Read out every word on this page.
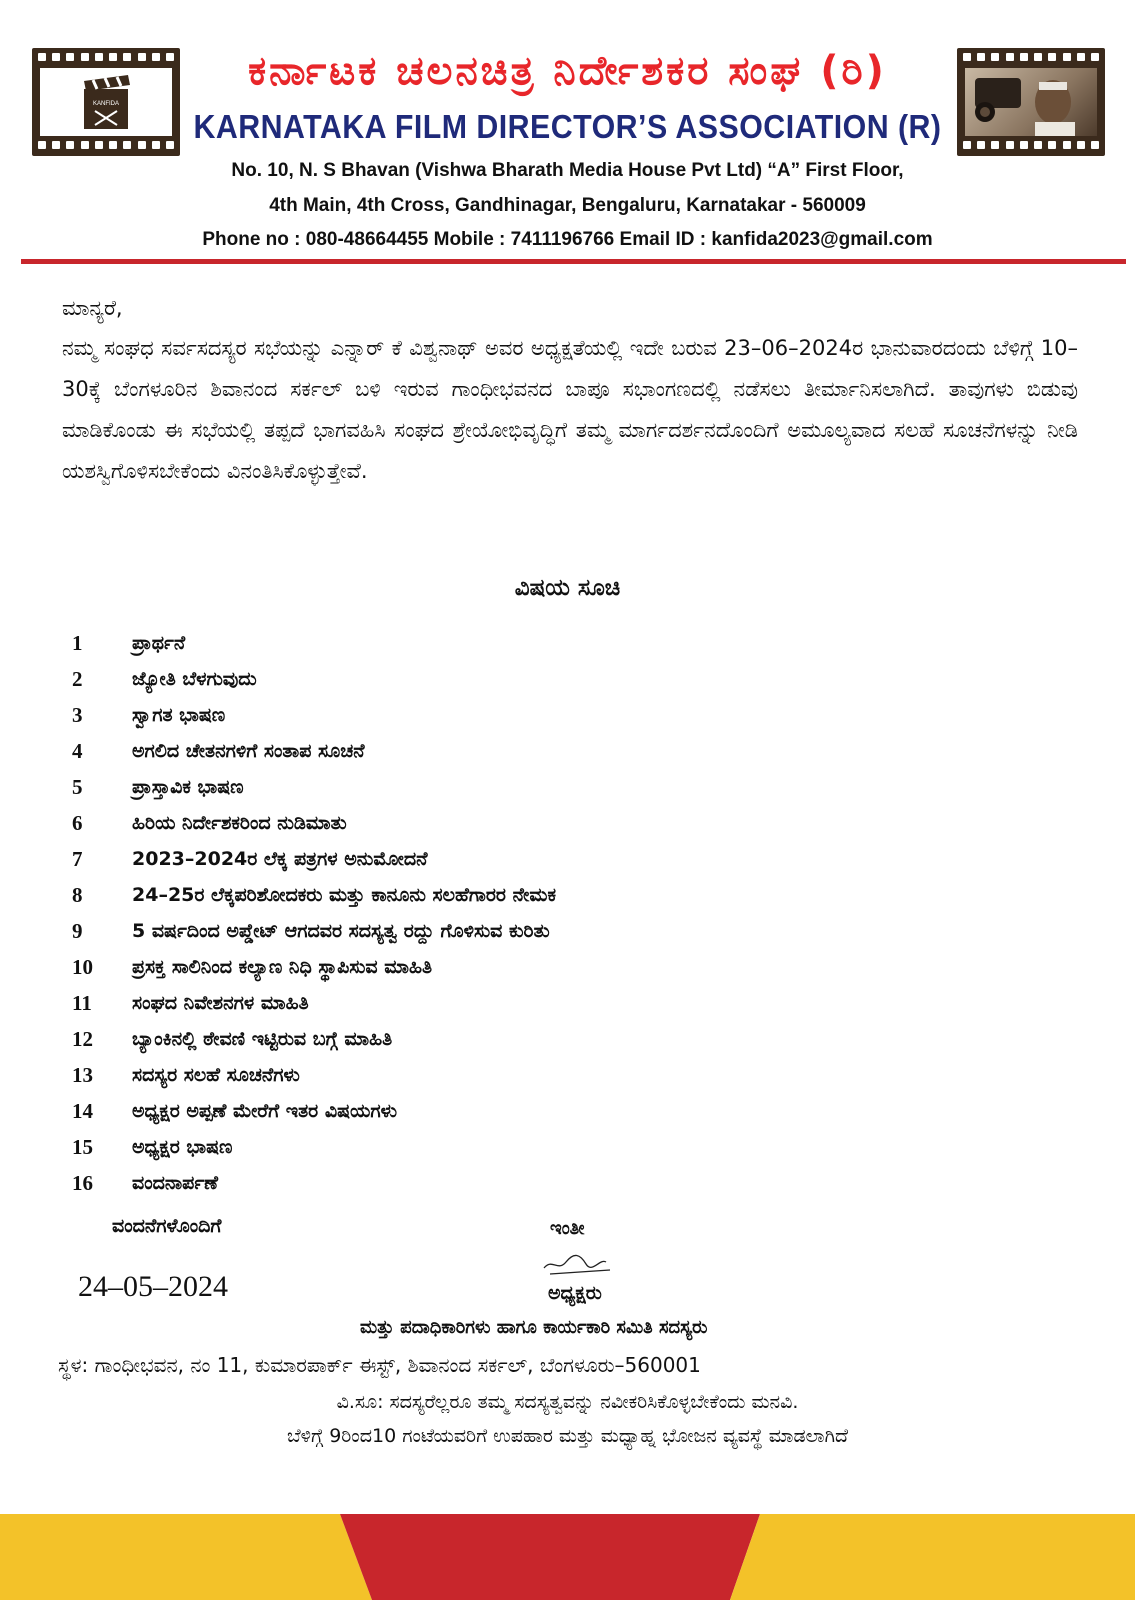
KANFIDA
ಕರ್ನಾಟಕ ಚಲನಚಿತ್ರ ನಿರ್ದೇಶಕರ ಸಂಘ (ರಿ)
KARNATAKA FILM DIRECTOR’S ASSOCIATION (R)
No. 10, N. S Bhavan (Vishwa Bharath Media House Pvt Ltd) “A” First Floor,
4th Main, 4th Cross, Gandhinagar, Bengaluru, Karnatakar - 560009
Phone no : 080-48664455 Mobile : 7411196766 Email ID : kanfida2023@gmail.com
ಮಾನ್ಯರೆ,

ನಮ್ಮ ಸಂಘಧ ಸರ್ವಸದಸ್ಯರ ಸಭೆಯನ್ನು ಎನ್ನಾರ್ ಕೆ ವಿಶ್ವನಾಥ್ ಅವರ ಅಧ್ಯಕ್ಷತೆಯಲ್ಲಿ ಇದೇ ಬರುವ 23–06–2024ರ ಭಾನುವಾರದಂದು ಬೆಳಿಗ್ಗೆ 10–30ಕ್ಕೆ ಬೆಂಗಳೂರಿನ ಶಿವಾನಂದ ಸರ್ಕಲ್ ಬಳಿ ಇರುವ ಗಾಂಧೀಭವನದ ಬಾಪೂ ಸಭಾಂಗಣದಲ್ಲಿ ನಡೆಸಲು ತೀರ್ಮಾನಿಸಲಾಗಿದೆ. ತಾವುಗಳು ಬಿಡುವು ಮಾಡಿಕೊಂಡು ಈ ಸಭೆಯಲ್ಲಿ ತಪ್ಪದೆ ಭಾಗವಹಿಸಿ ಸಂಘದ ಶ್ರೇಯೋಭಿವೃದ್ಧಿಗೆ ತಮ್ಮ ಮಾರ್ಗದರ್ಶನದೊಂದಿಗೆ ಅಮೂಲ್ಯವಾದ ಸಲಹೆ ಸೂಚನೆಗಳನ್ನು ನೀಡಿ ಯಶಸ್ವಿಗೊಳಿಸಬೇಕೆಂದು ವಿನಂತಿಸಿಕೊಳ್ಳುತ್ತೇವೆ.

ವಿಷಯ ಸೂಚಿ
1	ಪ್ರಾರ್ಥನೆ
2	ಜ್ಯೋತಿ ಬೆಳಗುವುದು
3	ಸ್ವಾಗತ ಭಾಷಣ
4	ಅಗಲಿದ ಚೇತನಗಳಿಗೆ ಸಂತಾಪ ಸೂಚನೆ
5	ಪ್ರಾಸ್ತಾವಿಕ ಭಾಷಣ
6	ಹಿರಿಯ ನಿರ್ದೇಶಕರಿಂದ ನುಡಿಮಾತು
7	2023–2024ರ ಲೆಕ್ಕ ಪತ್ರಗಳ ಅನುಮೋದನೆ
8	24–25ರ ಲೆಕ್ಕಪರಿಶೋದಕರು ಮತ್ತು ಕಾನೂನು ಸಲಹೆಗಾರರ ನೇಮಕ
9	5 ವರ್ಷದಿಂದ ಅಪ್ಡೇಟ್ ಆಗದವರ ಸದಸ್ಯತ್ವ ರದ್ದು ಗೊಳಿಸುವ ಕುರಿತು
10	ಪ್ರಸಕ್ತ ಸಾಲಿನಿಂದ ಕಲ್ಯಾಣ ನಿಧಿ ಸ್ಥಾಪಿಸುವ ಮಾಹಿತಿ
11	ಸಂಘದ ನಿವೇಶನಗಳ ಮಾಹಿತಿ
12	ಬ್ಯಾಂಕಿನಲ್ಲಿ ಠೇವಣಿ ಇಟ್ಟಿರುವ ಬಗ್ಗೆ ಮಾಹಿತಿ
13	ಸದಸ್ಯರ ಸಲಹೆ ಸೂಚನೆಗಳು
14	ಅಧ್ಯಕ್ಷರ ಅಪ್ಪಣೆ ಮೇರೆಗೆ ಇತರ ವಿಷಯಗಳು
15	ಅಧ್ಯಕ್ಷರ ಭಾಷಣ
16	ವಂದನಾರ್ಪಣೆ
ವಂದನೆಗಳೊಂದಿಗೆ
24–05–2024
ಇಂತೀ
ಅಧ್ಯಕ್ಷರು
ಮತ್ತು ಪದಾಧಿಕಾರಿಗಳು ಹಾಗೂ ಕಾರ್ಯಕಾರಿ ಸಮಿತಿ ಸದಸ್ಯರು
ಸ್ಥಳ: ಗಾಂಧೀಭವನ, ನಂ 11, ಕುಮಾರಪಾರ್ಕ್ ಈಸ್ಟ್, ಶಿವಾನಂದ ಸರ್ಕಲ್, ಬೆಂಗಳೂರು–560001
ವಿ.ಸೂ: ಸದಸ್ಯರೆಲ್ಲರೂ ತಮ್ಮ ಸದಸ್ಯತ್ವವನ್ನು ನವೀಕರಿಸಿಕೊಳ್ಳಬೇಕೆಂದು ಮನವಿ.
ಬೆಳಿಗ್ಗೆ 9ರಿಂದ10 ಗಂಟೆಯವರಿಗೆ ಉಪಹಾರ ಮತ್ತು ಮಧ್ಯಾಹ್ನ ಭೋಜನ ವ್ಯವಸ್ಥೆ ಮಾಡಲಾಗಿದೆ
